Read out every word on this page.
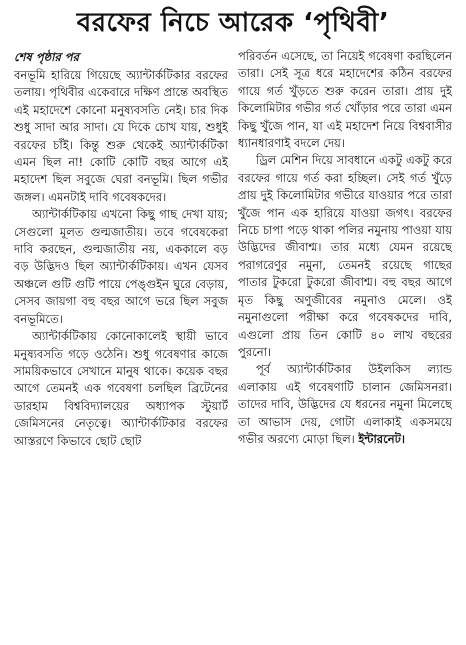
বরফের নিচে আরেক ‘পৃথিবী’
শেষ পৃষ্ঠার পর

বনভূমি হারিয়ে গিয়েছে অ্যান্টার্কটিকার বরফের তলায়। পৃথিবীর একেবারে দক্ষিণ প্রান্তে অবস্থিত এই মহাদেশে কোনো মনুষ্যবসতি নেই। চার দিক শুধু সাদা আর সাদা। যে দিকে চোখ যায়, শুধুই বরফের চাঁই। কিন্তু শুরু থেকেই অ্যান্টার্কটিকা এমন ছিল না! কোটি কোটি বছর আগে এই মহাদেশ ছিল সবুজে ঘেরা বনভূমি। ছিল গভীর জঙ্গল। এমনটাই দাবি গবেষকদের।

অ্যান্টার্কটিকায় এখনো কিছু গাছ দেখা যায়; সেগুলো মূলত গুল্মজাতীয়। তবে গবেষকেরা দাবি করছেন, গুল্মজাতীয় নয়, এককালে বড় বড় উদ্ভিদও ছিল অ্যান্টার্কটিকায়। এখন যেসব অঞ্চলে গুটি গুটি পায়ে পেঙ্গুইন ঘুরে বেড়ায়, সেসব জায়গা বহু বছর আগে ভরে ছিল সবুজ বনভূমিতে।

অ্যান্টার্কটিকায় কোনোকালেই স্থায়ী ভাবে মনুষ্যবসতি গড়ে ওঠেনি। শুধু গবেষণার কাজে সাময়িকভাবে সেখানে মানুষ থাকে। কয়েক বছর আগে তেমনই এক গবেষণা চলছিল ব্রিটেনের ডারহাম বিশ্ববিদ্যালয়ের অধ্যাপক স্টুয়ার্ট জেমিসনের নেতৃত্বে। অ্যান্টার্কটিকার বরফের আস্তরণে কিভাবে ছোট ছোট

পরিবর্তন এসেছে, তা নিয়েই গবেষণা করছিলেন তারা। সেই সূত্র ধরে মহাদেশের কঠিন বরফের গায়ে গর্ত খুঁড়তে শুরু করেন তারা। প্রায় দুই কিলোমিটার গভীর গর্ত খোঁড়ার পরে তারা এমন কিছু খুঁজে পান, যা এই মহাদেশ নিয়ে বিশ্ববাসীর ধ্যানধারণাই বদলে দেয়।

ড্রিল মেশিন দিয়ে সাবধানে একটু একটু করে বরফের গায়ে গর্ত করা হচ্ছিল। সেই গর্ত খুঁড়ে প্রায় দুই কিলোমিটার গভীরে যাওয়ার পরে তারা খুঁজে পান এক হারিয়ে যাওয়া জগৎ। বরফের নিচে চাপা পড়ে থাকা পলির নমুনায় পাওয়া যায় উদ্ভিদের জীবাশ্ম। তার মধ্যে যেমন রয়েছে পরাগরেণুর নমুনা, তেমনই রয়েছে গাছের পাতার টুকরো টুকরো জীবাশ্ম। বহু বছর আগে মৃত কিছু অণুজীবের নমুনাও মেলে। ওই নমুনাগুলো পরীক্ষা করে গবেষকদের দাবি, এগুলো প্রায় তিন কোটি ৪০ লাখ বছরের পুরনো।

পূর্ব অ্যান্টার্কটিকার উইলকিস ল্যান্ড এলাকায় এই গবেষণাটি চালান জেমিসনরা। তাদের দাবি, উদ্ভিদের যে ধরনের নমুনা মিলেছে তা আভাস দেয়, গোটা এলাকাই একসময়ে গভীর অরণ্যে মোড়া ছিল। ইন্টারনেট।
